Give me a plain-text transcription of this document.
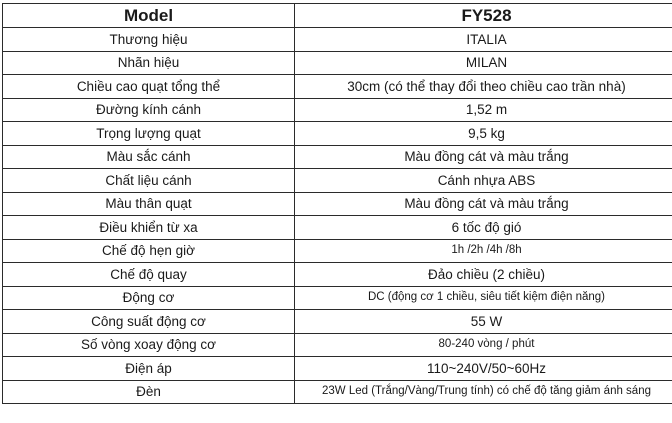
Model	FY528
Thương hiệu	ITALIA
Nhãn hiệu	MILAN
Chiều cao quạt tổng thể	30cm (có thể thay đổi theo chiều cao trần nhà)
Đường kính cánh	1,52 m
Trọng lượng quạt	9,5 kg
Màu sắc cánh	Màu đồng cát và màu trắng
Chất liệu cánh	Cánh nhựa ABS
Màu thân quạt	Màu đồng cát và màu trắng
Điều khiển từ xa	6 tốc độ gió
Chế độ hẹn giờ	1h /2h /4h /8h
Chế độ quay	Đảo chiều (2 chiều)
Động cơ	DC (động cơ 1 chiều, siêu tiết kiệm điện năng)
Công suất động cơ	55 W
Số vòng xoay động cơ	80-240 vòng / phút
Điện áp	110~240V/50~60Hz
Đèn	23W Led (Trắng/Vàng/Trung tính) có chế độ tăng giảm ánh sáng
